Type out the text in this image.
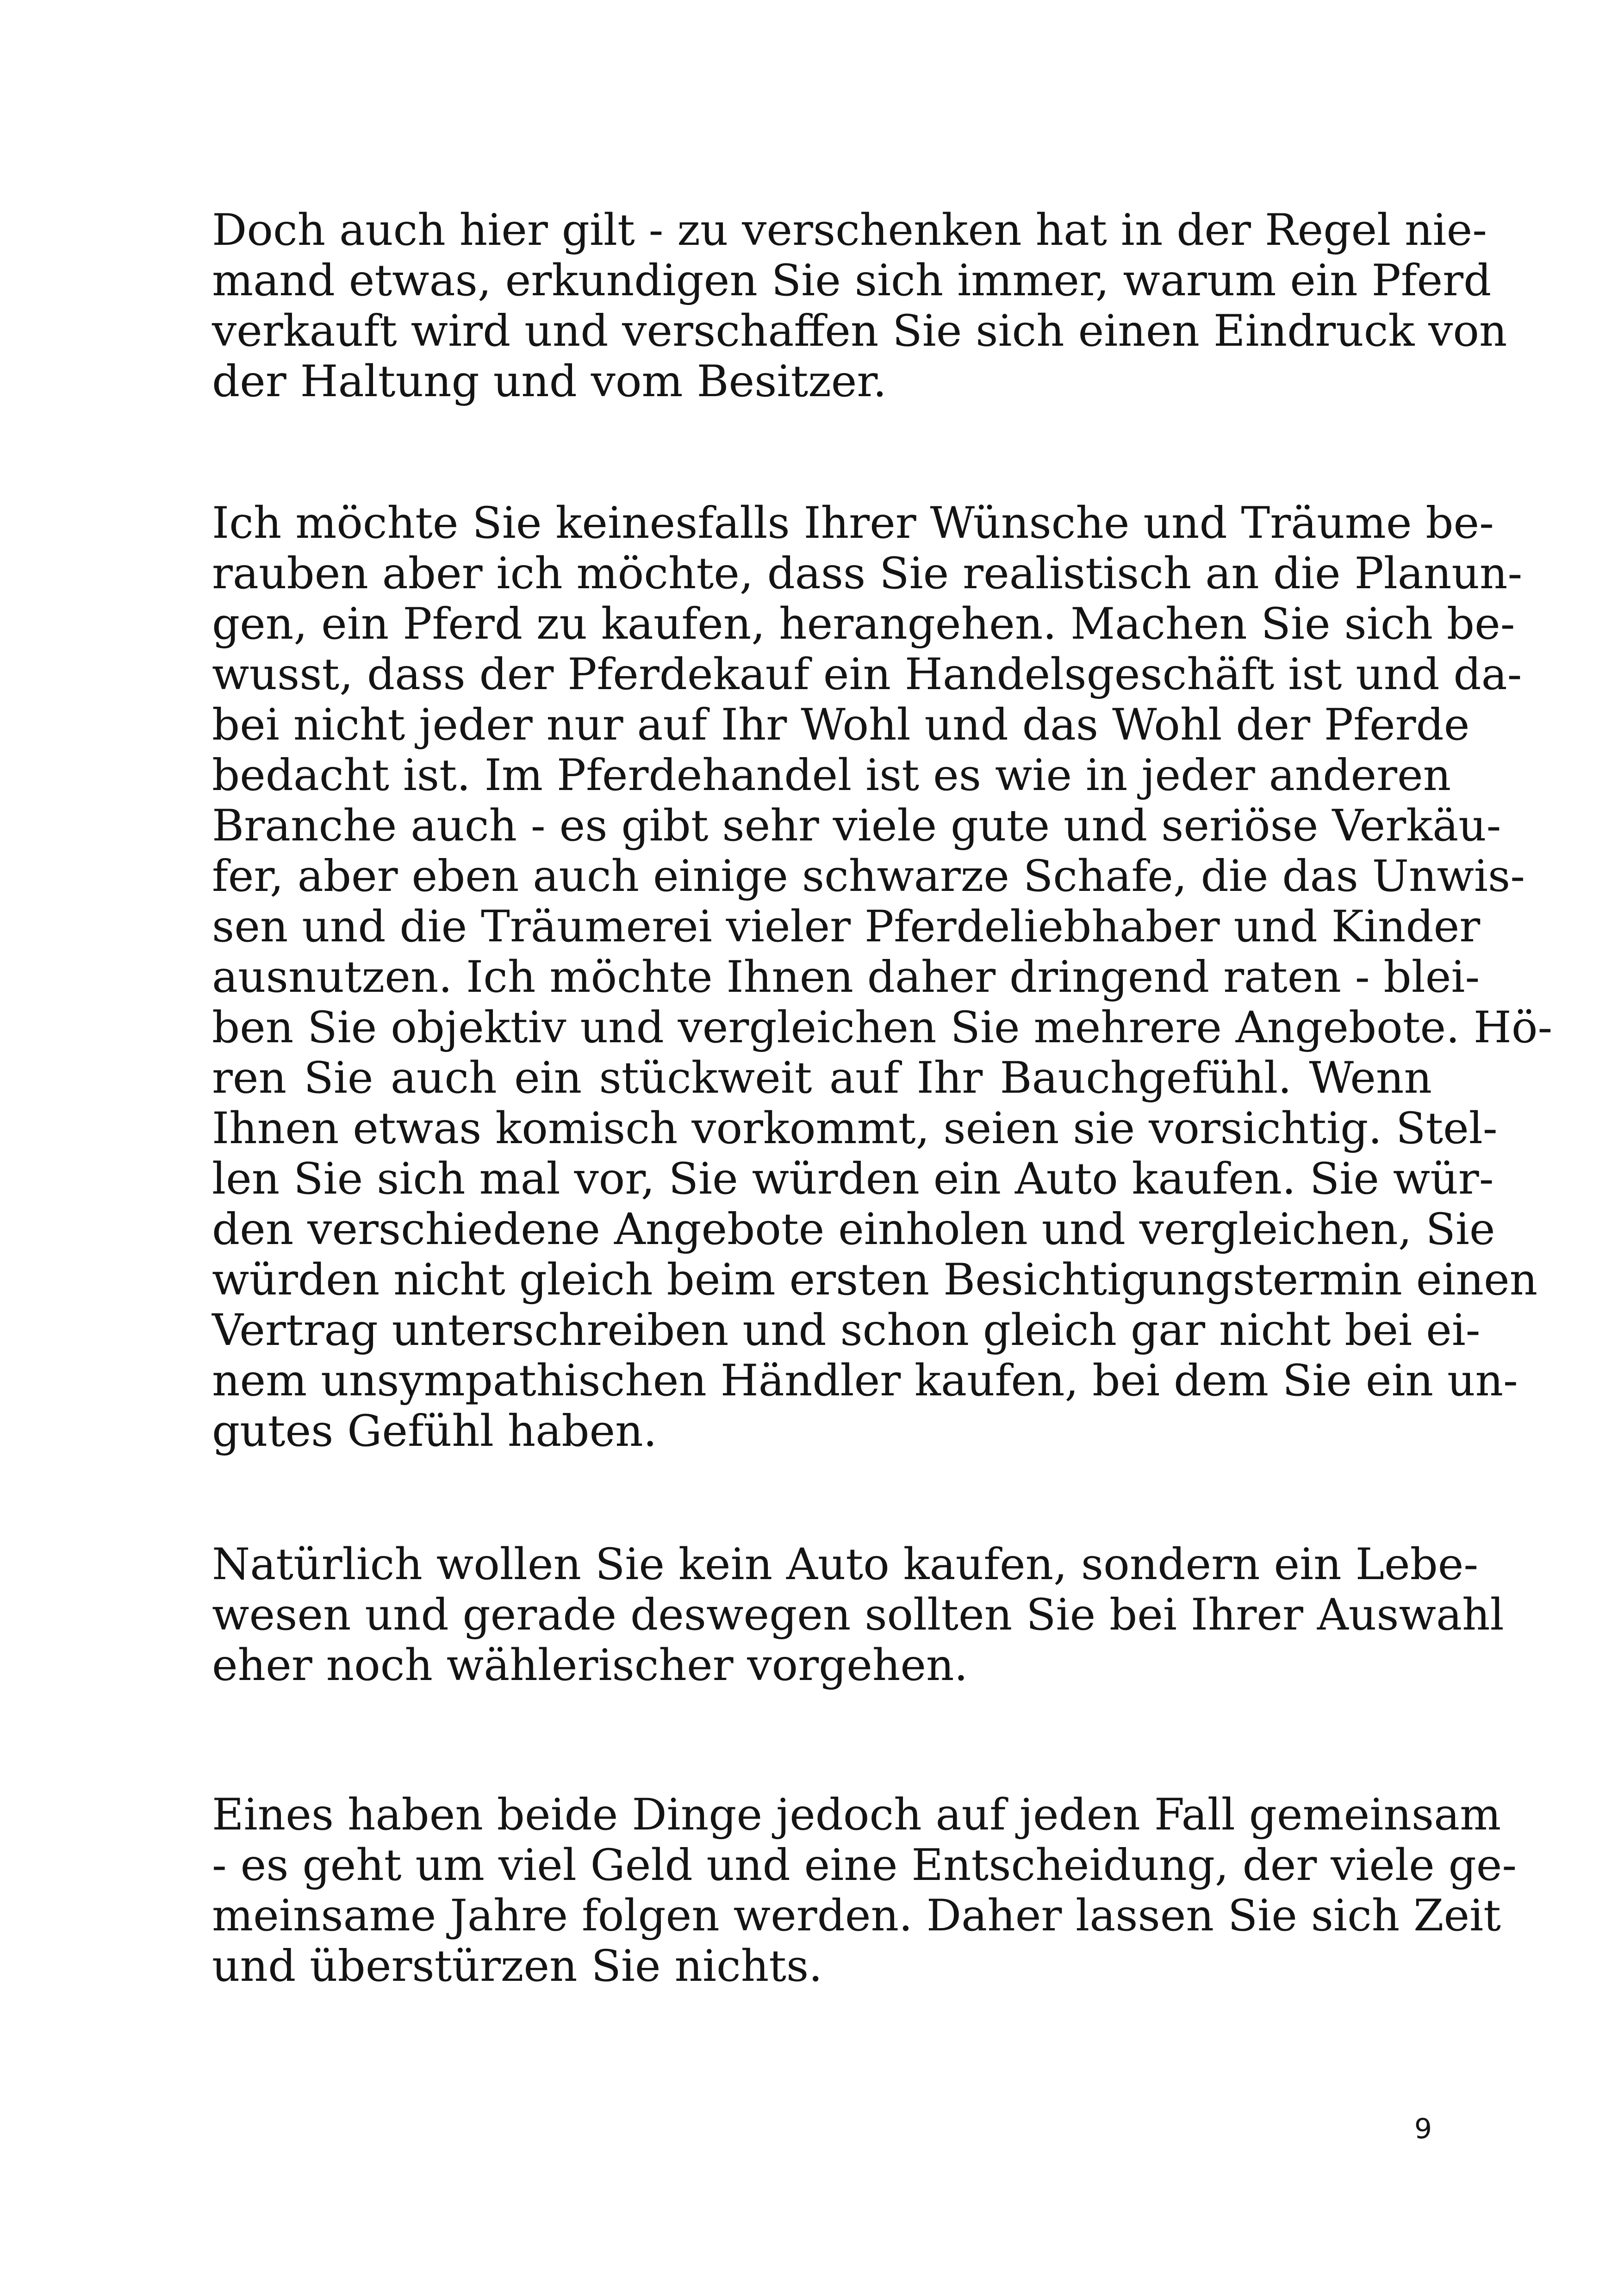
Doch auch hier gilt - zu verschenken hat in der Regel nie-
mand etwas, erkundigen Sie sich immer, warum ein Pferd
verkauft wird und verschaffen Sie sich einen Eindruck von
der Haltung und vom Besitzer.

Ich möchte Sie keinesfalls Ihrer Wünsche und Träume be-
rauben aber ich möchte, dass Sie realistisch an die Planun-
gen, ein Pferd zu kaufen, herangehen. Machen Sie sich be-
wusst, dass der Pferdekauf ein Handelsgeschäft ist und da-
bei nicht jeder nur auf Ihr Wohl und das Wohl der Pferde
bedacht ist. Im Pferdehandel ist es wie in jeder anderen
Branche auch - es gibt sehr viele gute und seriöse Verkäu-
fer, aber eben auch einige schwarze Schafe, die das Unwis-
sen und die Träumerei vieler Pferdeliebhaber und Kinder
ausnutzen. Ich möchte Ihnen daher dringend raten - blei-
ben Sie objektiv und vergleichen Sie mehrere Angebote. Hö-
ren Sie auch ein stückweit auf Ihr Bauchgefühl. Wenn
Ihnen etwas komisch vorkommt, seien sie vorsichtig. Stel-
len Sie sich mal vor, Sie würden ein Auto kaufen. Sie wür-
den verschiedene Angebote einholen und vergleichen, Sie
würden nicht gleich beim ersten Besichtigungstermin einen
Vertrag unterschreiben und schon gleich gar nicht bei ei-
nem unsympathischen Händler kaufen, bei dem Sie ein un-
gutes Gefühl haben.

Natürlich wollen Sie kein Auto kaufen, sondern ein Lebe-
wesen und gerade deswegen sollten Sie bei Ihrer Auswahl
eher noch wählerischer vorgehen.

Eines haben beide Dinge jedoch auf jeden Fall gemeinsam
- es geht um viel Geld und eine Entscheidung, der viele ge-
meinsame Jahre folgen werden. Daher lassen Sie sich Zeit
und überstürzen Sie nichts.

9
